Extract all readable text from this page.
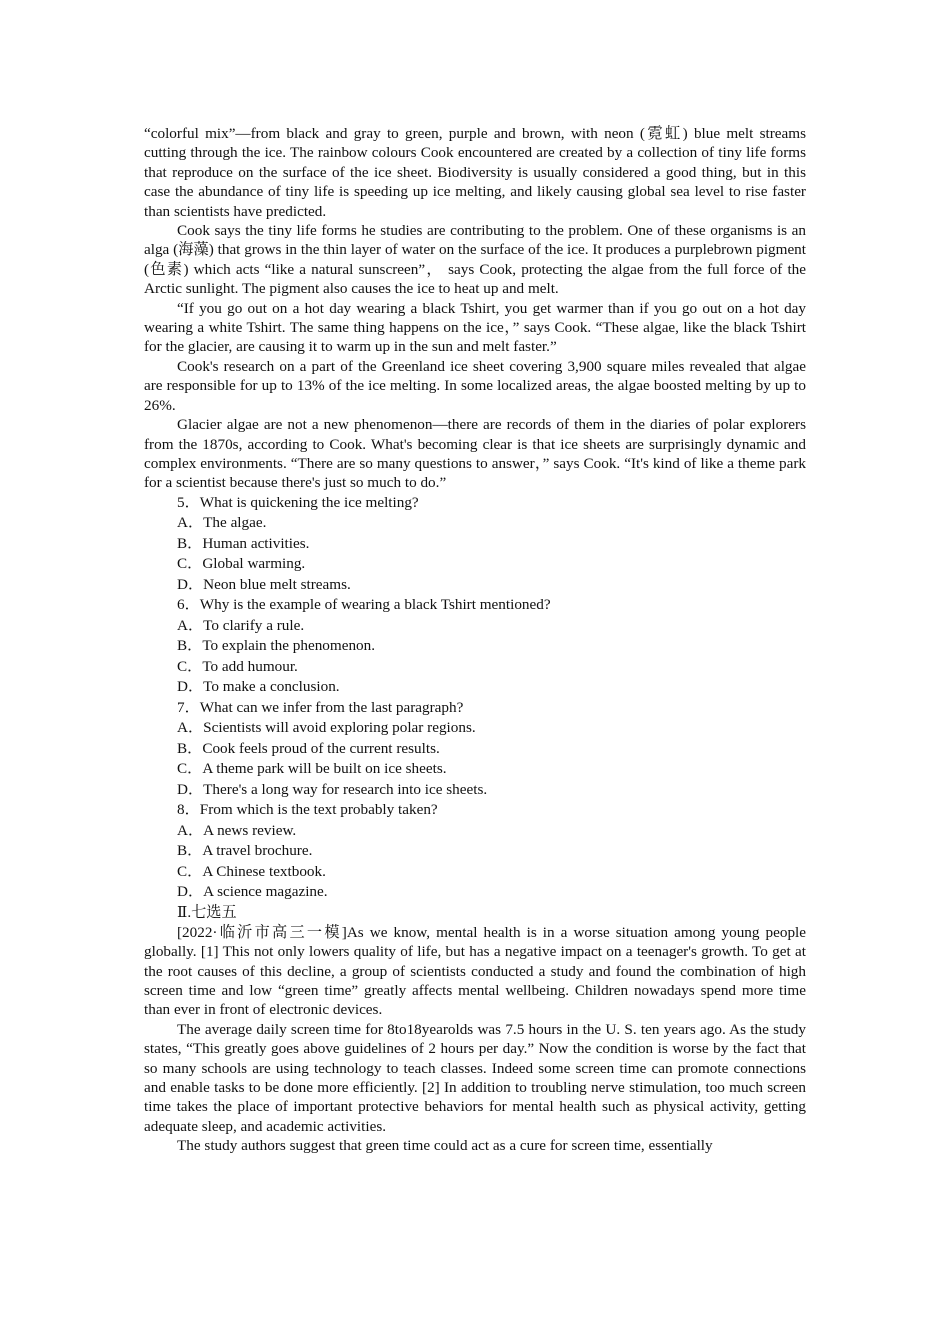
“colorful mix”—from black and gray to green, purple and brown, with neon (霓虹) blue melt streams cutting through the ice. The rainbow colours Cook encountered are created by a collection of tiny life forms that reproduce on the surface of the ice sheet. Biodiversity is usually considered a good thing, but in this case the abundance of tiny life is speeding up ice melting, and likely causing global sea level to rise faster than scientists have predicted.

Cook says the tiny life forms he studies are contributing to the problem. One of these organisms is an alga (海藻) that grows in the thin layer of water on the surface of the ice. It produces a purplebrown pigment (色素) which acts “like a natural sunscreen”， says Cook, protecting the algae from the full force of the Arctic sunlight. The pigment also causes the ice to heat up and melt.

“If you go out on a hot day wearing a black Tshirt, you get warmer than if you go out on a hot day wearing a white Tshirt. The same thing happens on the ice，” says Cook. “These algae, like the black Tshirt for the glacier, are causing it to warm up in the sun and melt faster.”

Cook's research on a part of the Greenland ice sheet covering 3,900 square miles revealed that algae are responsible for up to 13% of the ice melting. In some localized areas, the algae boosted melting by up to 26%.

Glacier algae are not a new phenomenon—there are records of them in the diaries of polar explorers from the 1870s, according to Cook. What's becoming clear is that ice sheets are surprisingly dynamic and complex environments. “There are so many questions to answer，” says Cook. “It's kind of like a theme park for a scientist because there's just so much to do.”

5．What is quickening the ice melting?

A．The algae.

B．Human activities.

C．Global warming.

D．Neon blue melt streams.

6．Why is the example of wearing a black Tshirt mentioned?

A．To clarify a rule.

B．To explain the phenomenon.

C．To add humour.

D．To make a conclusion.

7．What can we infer from the last paragraph?

A．Scientists will avoid exploring polar regions.

B．Cook feels proud of the current results.

C．A theme park will be built on ice sheets.

D．There's a long way for research into ice sheets.

8．From which is the text probably taken?

A．A news review.

B．A travel brochure.

C．A Chinese textbook.

D．A science magazine.

Ⅱ.七选五

[2022·临沂市高三一模]As we know, mental health is in a worse situation among young people globally. [1] This not only lowers quality of life, but has a negative impact on a teenager's growth. To get at the root causes of this decline, a group of scientists conducted a study and found the combination of high screen time and low “green time” greatly affects mental wellbeing. Children nowadays spend more time than ever in front of electronic devices.

The average daily screen time for 8to18yearolds was 7.5 hours in the U. S. ten years ago. As the study states, “This greatly goes above guidelines of 2 hours per day.” Now the condition is worse by the fact that so many schools are using technology to teach classes. Indeed some screen time can promote connections and enable tasks to be done more efficiently. [2] In addition to troubling nerve stimulation, too much screen time takes the place of important protective behaviors for mental health such as physical activity, getting adequate sleep, and academic activities.

The study authors suggest that green time could act as a cure for screen time, essentially
